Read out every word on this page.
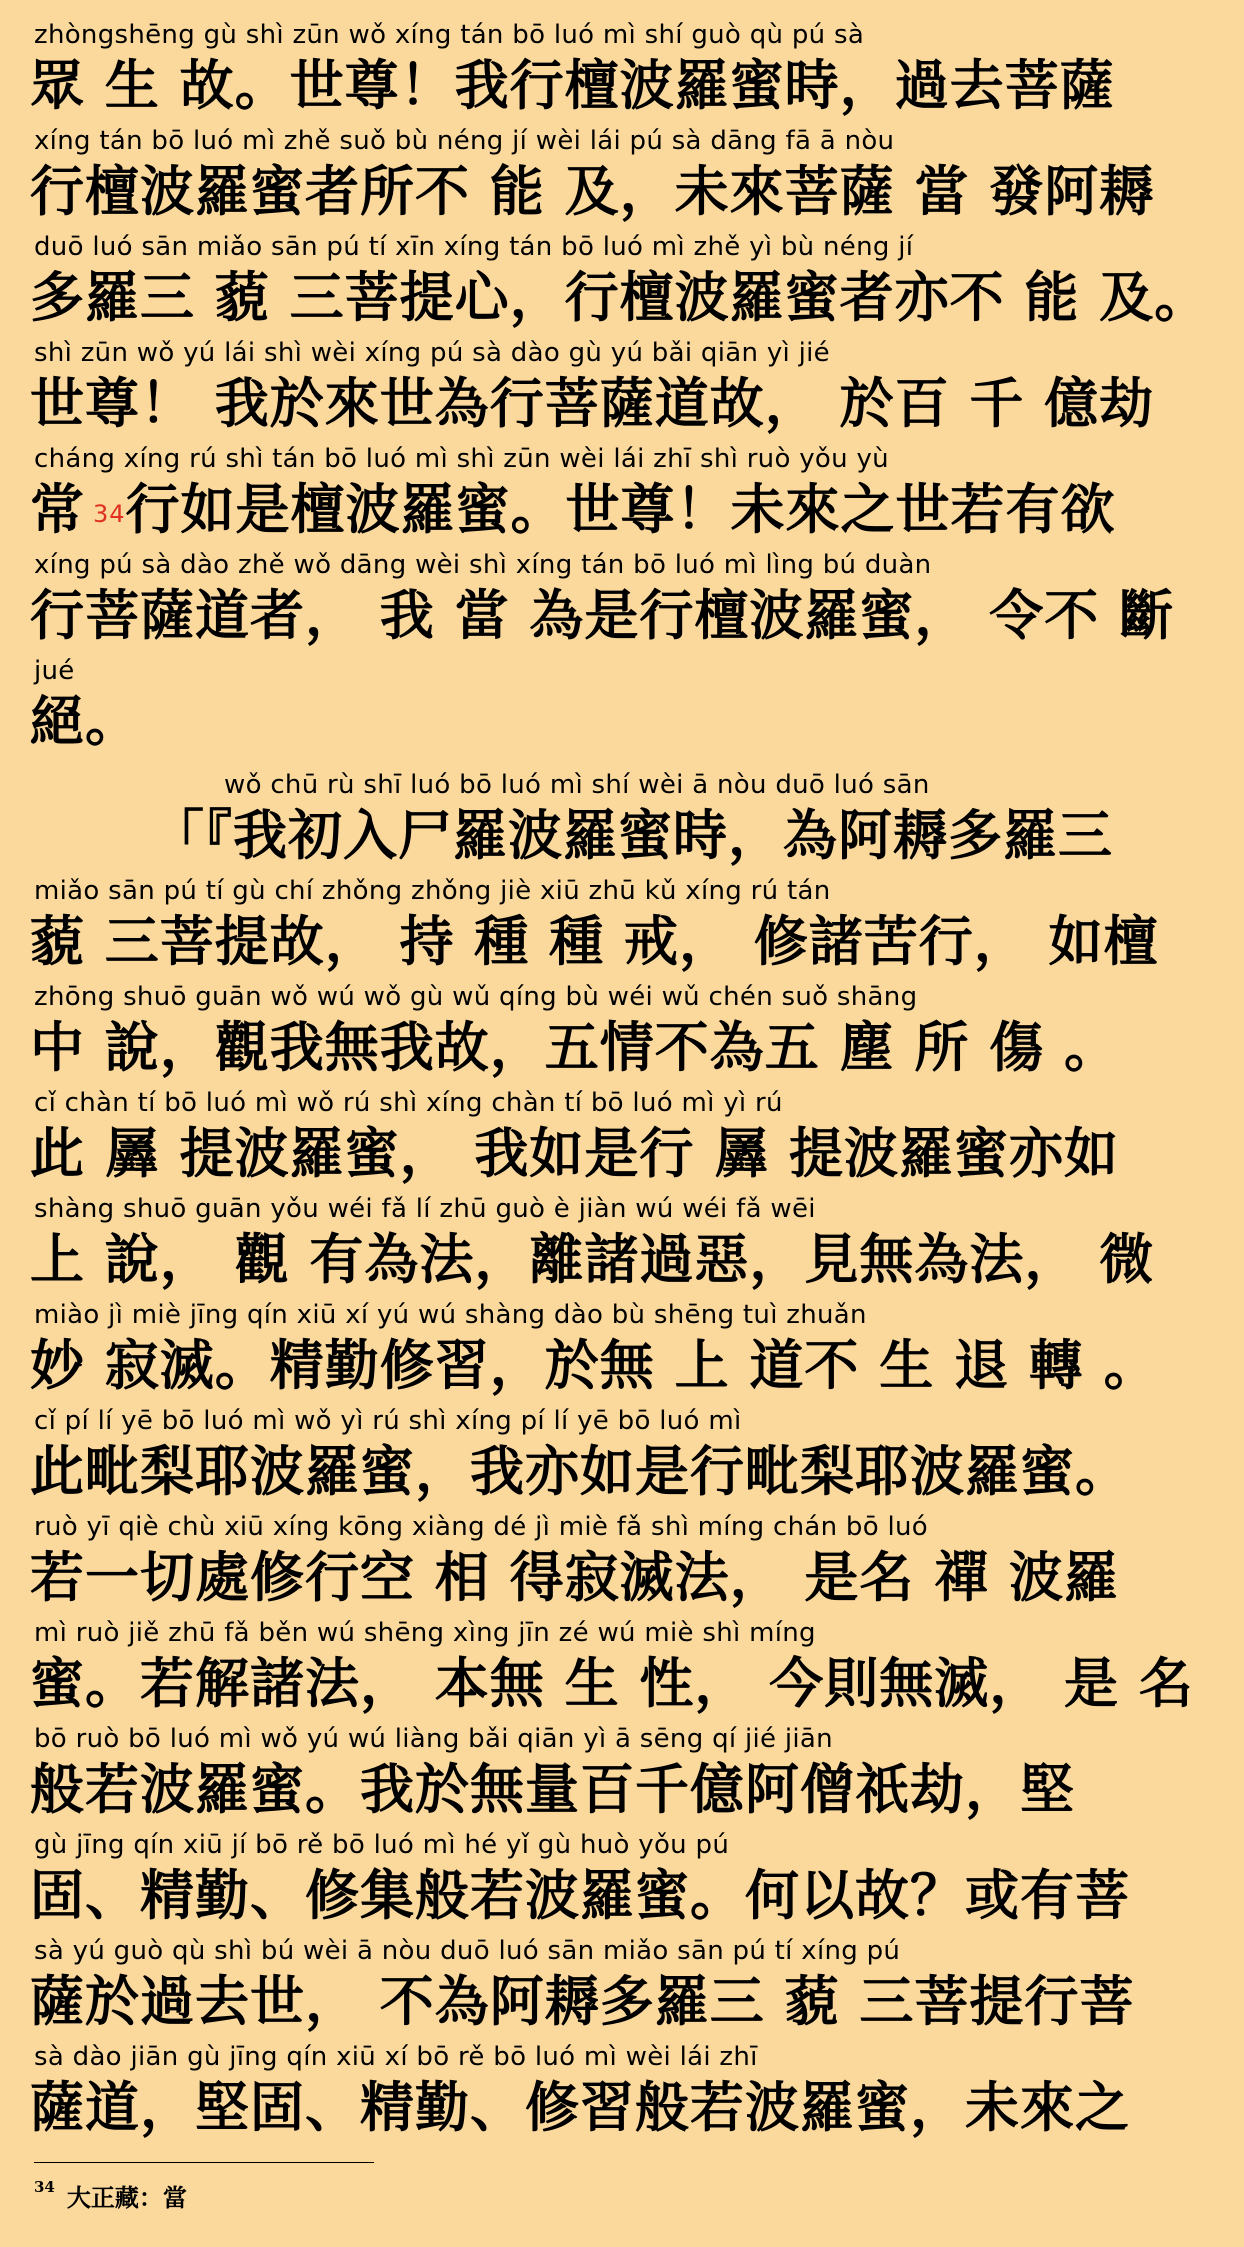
zhòngshēng gù shì zūn wǒ xíng tán bō luó mì shí guò qù pú sà
眾 生 故。世尊！我行檀波羅蜜時，過去菩薩
xíng tán bō luó mì zhě suǒ bù néng jí wèi lái pú sà dāng fā ā nòu
行檀波羅蜜者所不 能 及，未來菩薩 當 發阿耨
duō luó sān miǎo sān pú tí xīn xíng tán bō luó mì zhě yì bù néng jí
多羅三 藐 三菩提心，行檀波羅蜜者亦不 能 及。
shì zūn wǒ yú lái shì wèi xíng pú sà dào gù yú bǎi qiān yì jié
世尊！ 我於來世為行菩薩道故， 於百 千 億劫
cháng xíng rú shì tán bō luó mì shì zūn wèi lái zhī shì ruò yǒu yù
常 $^{34}$行如是檀波羅蜜。世尊！未來之世若有欲
xíng pú sà dào zhě wǒ dāng wèi shì xíng tán bō luó mì lìng bú duàn
行菩薩道者， 我 當 為是行檀波羅蜜， 令不 斷
jué
絕。
wǒ chū rù shī luó bō luó mì shí wèi ā nòu duō luó sān
「『我初入尸羅波羅蜜時，為阿耨多羅三
miǎo sān pú tí gù chí zhǒng zhǒng jiè xiū zhū kǔ xíng rú tán
藐 三菩提故， 持 種 種 戒， 修諸苦行， 如檀
zhōng shuō guān wǒ wú wǒ gù wǔ qíng bù wéi wǔ chén suǒ shāng
中 說，觀我無我故，五情不為五 塵 所 傷 。
cǐ chàn tí bō luó mì wǒ rú shì xíng chàn tí bō luó mì yì rú
此 羼 提波羅蜜， 我如是行 羼 提波羅蜜亦如
shàng shuō guān yǒu wéi fǎ lí zhū guò è jiàn wú wéi fǎ wēi
上 說， 觀 有為法，離諸過惡，見無為法， 微
miào jì miè jīng qín xiū xí yú wú shàng dào bù shēng tuì zhuǎn
妙 寂滅。精勤修習，於無 上 道不 生 退 轉 。
cǐ pí lí yē bō luó mì wǒ yì rú shì xíng pí lí yē bō luó mì
此毗梨耶波羅蜜，我亦如是行毗梨耶波羅蜜。
ruò yī qiè chù xiū xíng kōng xiàng dé jì miè fǎ shì míng chán bō luó
若一切處修行空 相 得寂滅法， 是名 禪 波羅
mì ruò jiě zhū fǎ běn wú shēng xìng jīn zé wú miè shì míng
蜜。若解諸法， 本無 生 性， 今則無滅， 是 名
bō ruò bō luó mì wǒ yú wú liàng bǎi qiān yì ā sēng qí jié jiān
般若波羅蜜。我於無量百千億阿僧祇劫，堅
gù jīng qín xiū jí bō rě bō luó mì hé yǐ gù huò yǒu pú
固、精勤、修集般若波羅蜜。何以故？或有菩
sà yú guò qù shì bú wèi ā nòu duō luó sān miǎo sān pú tí xíng pú
薩於過去世， 不為阿耨多羅三 藐 三菩提行菩
sà dào jiān gù jīng qín xiū xí bō rě bō luó mì wèi lái zhī
薩道，堅固、精勤、修習般若波羅蜜，未來之
$^{34}$ 大正藏：當
